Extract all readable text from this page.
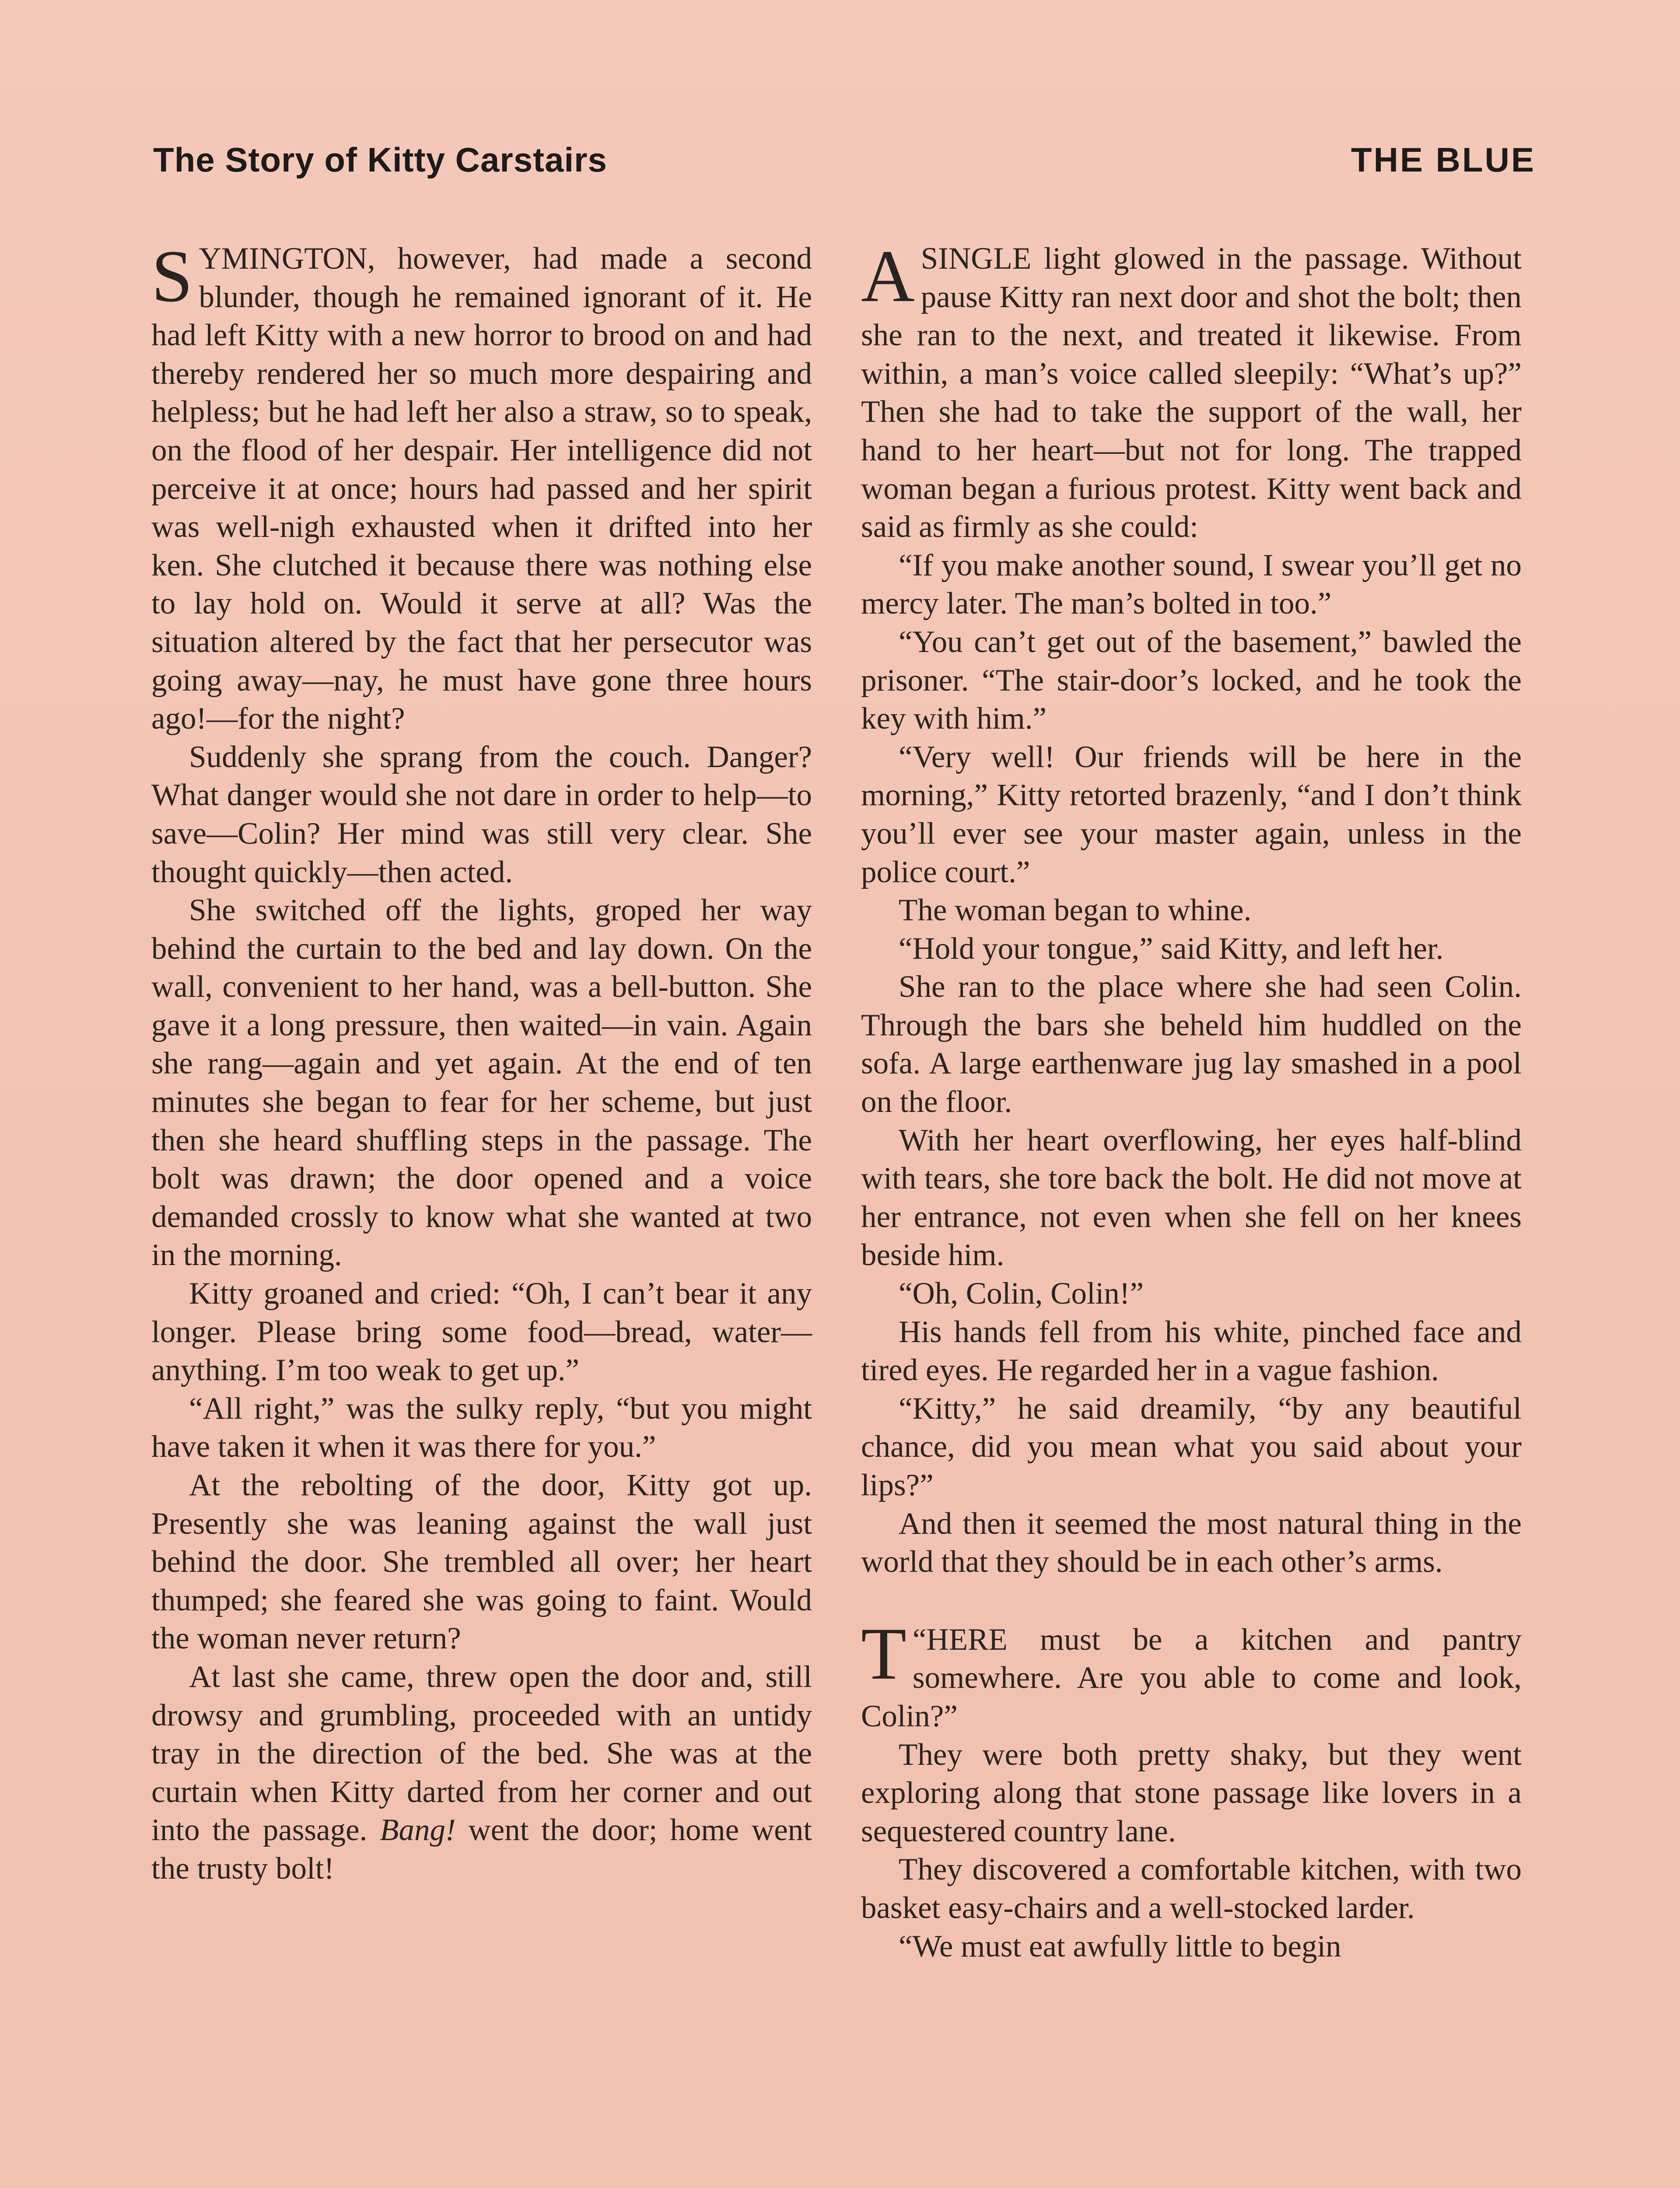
The Story of Kitty Carstairs	THE BLUE

SYMINGTON, however, had made a second blunder, though he remained ignorant of it. He had left Kitty with a new horror to brood on and had thereby rendered her so much more despairing and helpless; but he had left her also a straw, so to speak, on the flood of her despair. Her intelligence did not perceive it at once; hours had passed and her spirit was well-nigh exhausted when it drifted into her ken. She clutched it because there was nothing else to lay hold on. Would it serve at all? Was the situation altered by the fact that her persecutor was going away—nay, he must have gone three hours ago!—for the night?

Suddenly she sprang from the couch. Danger? What danger would she not dare in order to help—to save—Colin? Her mind was still very clear. She thought quickly—then acted.

She switched off the lights, groped her way behind the curtain to the bed and lay down. On the wall, convenient to her hand, was a bell-button. She gave it a long pressure, then waited—in vain. Again she rang—again and yet again. At the end of ten minutes she began to fear for her scheme, but just then she heard shuffling steps in the passage. The bolt was drawn; the door opened and a voice demanded crossly to know what she wanted at two in the morning.

Kitty groaned and cried: “Oh, I can’t bear it any longer. Please bring some food—bread, water—anything. I’m too weak to get up.”

“All right,” was the sulky reply, “but you might have taken it when it was there for you.”

At the rebolting of the door, Kitty got up. Presently she was leaning against the wall just behind the door. She trembled all over; her heart thumped; she feared she was going to faint. Would the woman never return?

At last she came, threw open the door and, still drowsy and grumbling, proceeded with an untidy tray in the direction of the bed. She was at the curtain when Kitty darted from her corner and out into the passage. Bang! went the door; home went the trusty bolt!

A SINGLE light glowed in the passage. Without pause Kitty ran next door and shot the bolt; then she ran to the next, and treated it likewise. From within, a man’s voice called sleepily: “What’s up?” Then she had to take the support of the wall, her hand to her heart—but not for long. The trapped woman began a furious protest. Kitty went back and said as firmly as she could:

“If you make another sound, I swear you’ll get no mercy later. The man’s bolted in too.”

“You can’t get out of the basement,” bawled the prisoner. “The stair-door’s locked, and he took the key with him.”

“Very well! Our friends will be here in the morning,” Kitty retorted brazenly, “and I don’t think you’ll ever see your master again, unless in the police court.”

The woman began to whine.

“Hold your tongue,” said Kitty, and left her.

She ran to the place where she had seen Colin. Through the bars she beheld him huddled on the sofa. A large earthenware jug lay smashed in a pool on the floor.

With her heart overflowing, her eyes half-blind with tears, she tore back the bolt. He did not move at her entrance, not even when she fell on her knees beside him.

“Oh, Colin, Colin!”

His hands fell from his white, pinched face and tired eyes. He regarded her in a vague fashion.

“Kitty,” he said dreamily, “by any beautiful chance, did you mean what you said about your lips?”

And then it seemed the most natural thing in the world that they should be in each other’s arms.

“
T HERE must be a kitchen and pantry somewhere. Are you able to come and look, Colin?”

They were both pretty shaky, but they went exploring along that stone passage like lovers in a sequestered country lane.

They discovered a comfortable kitchen, with two basket easy-chairs and a well-stocked larder.

“We must eat awfully little to begin
